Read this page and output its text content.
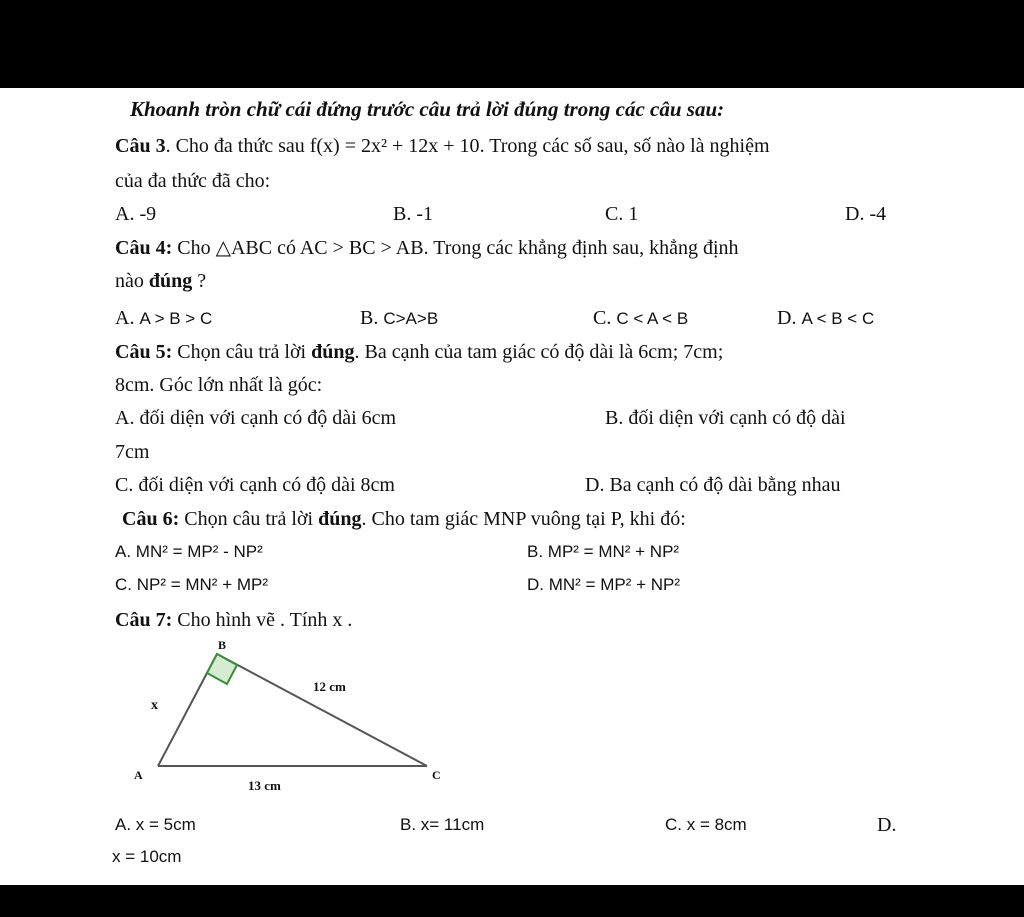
Khoanh tròn chữ cái đứng trước câu trả lời đúng trong các câu sau:
Câu 3. Cho đa thức sau f(x) = 2x² + 12x + 10. Trong các số sau, số nào là nghiệm
của đa thức đã cho:
A. -9	B. -1	C. 1	D. -4
Câu 4: Cho △ABC có AC > BC > AB. Trong các khẳng định sau, khẳng định
nào đúng ?
A. A > B > C	B. C>A>B	C. C < A < B	D. A < B < C
Câu 5: Chọn câu trả lời đúng. Ba cạnh của tam giác có độ dài là 6cm; 7cm;
8cm. Góc lớn nhất là góc:
A. đối diện với cạnh có độ dài 6cm	B. đối diện với cạnh có độ dài
7cm
C. đối diện với cạnh có độ dài 8cm	D. Ba cạnh có độ dài bằng nhau
Câu 6: Chọn câu trả lời đúng. Cho tam giác MNP vuông tại P, khi đó:
A. MN² = MP² - NP²	B. MP² = MN² + NP²
C. NP² = MN² + MP²	D. MN² = MP² + NP²
Câu 7: Cho hình vẽ . Tính x .
B
A	C
x
12 cm
13 cm
A. x = 5cm	B. x= 11cm	C. x = 8cm	D.
x = 10cm
